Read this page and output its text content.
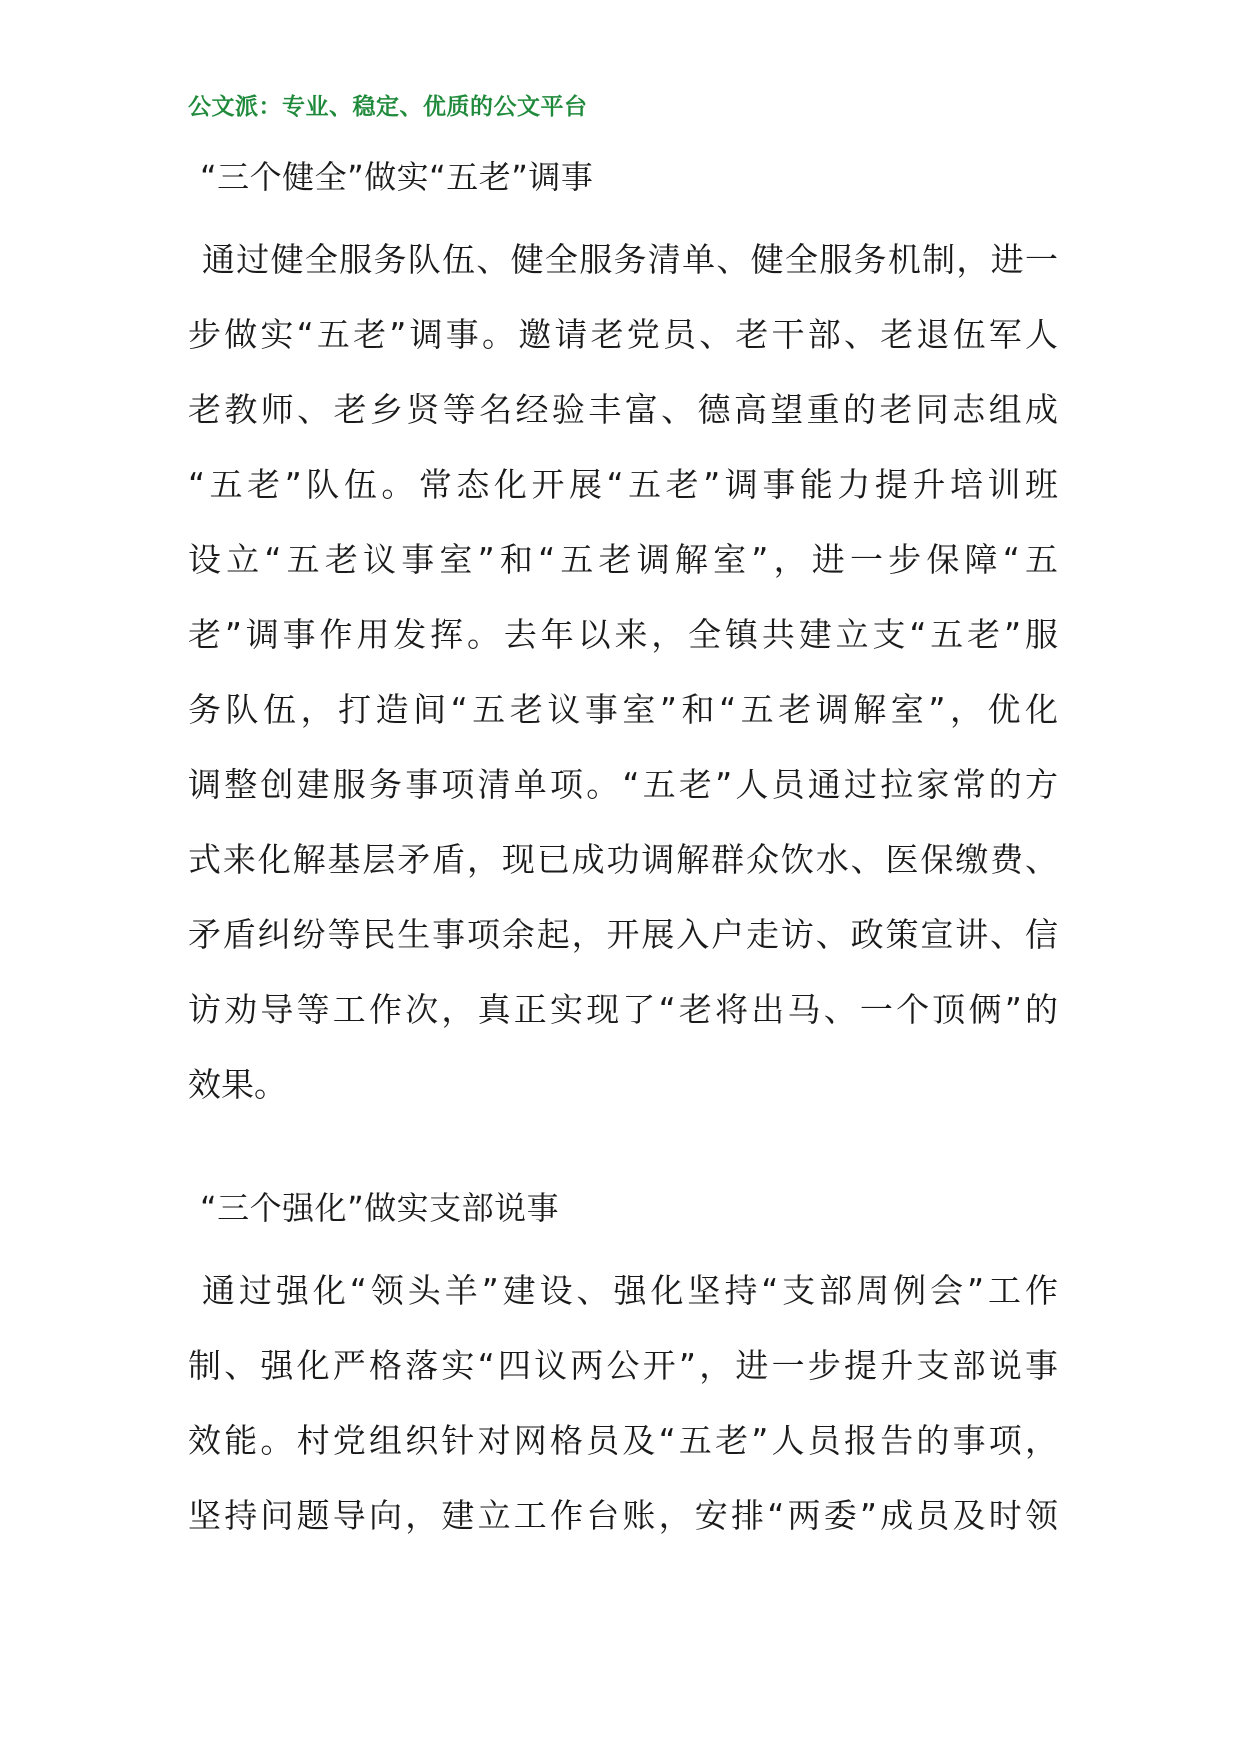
公文派：专业、稳定、优质的公文平台
“三个健全”做实“五老”调事
通过健全服务队伍、健全服务清单、健全服务机制，进一
步做实“五老”调事。邀请老党员、老干部、老退伍军人
老教师、老乡贤等名经验丰富、德高望重的老同志组成
“五老”队伍。常态化开展“五老”调事能力提升培训班
设立“五老议事室”和“五老调解室”，进一步保障“五
老”调事作用发挥。去年以来，全镇共建立支“五老”服
务队伍，打造间“五老议事室”和“五老调解室”，优化
调整创建服务事项清单项。“五老”人员通过拉家常的方
式来化解基层矛盾，现已成功调解群众饮水、医保缴费、
矛盾纠纷等民生事项余起，开展入户走访、政策宣讲、信
访劝导等工作次，真正实现了“老将出马、一个顶俩”的
效果。
“三个强化”做实支部说事
通过强化“领头羊”建设、强化坚持“支部周例会”工作
制、强化严格落实“四议两公开”，进一步提升支部说事
效能。村党组织针对网格员及“五老”人员报告的事项，
坚持问题导向，建立工作台账，安排“两委”成员及时领
